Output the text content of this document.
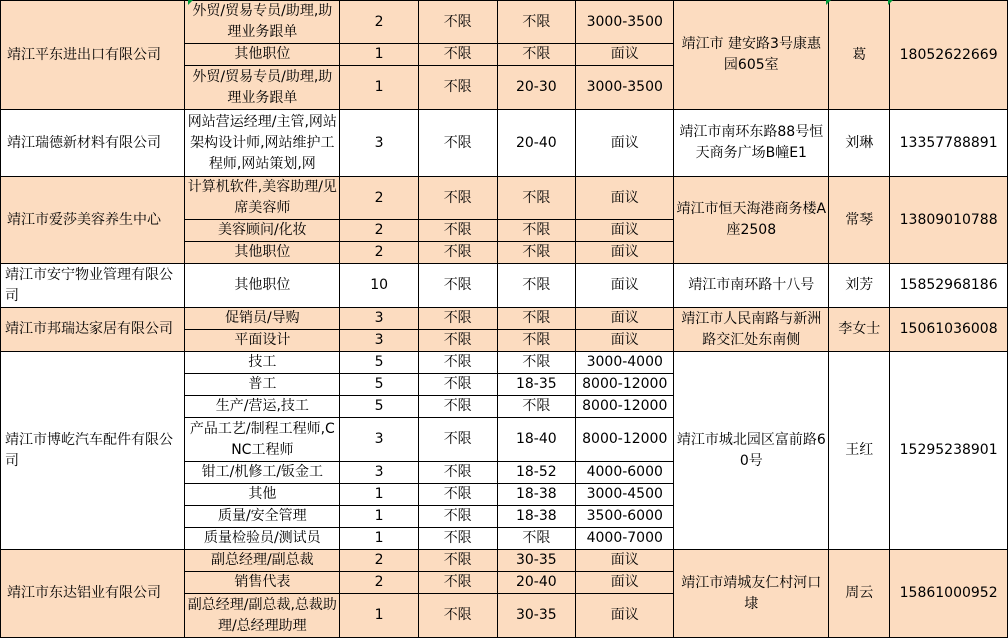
靖江平东进出口有限公司	外贸/贸易专员/助理,助理业务跟单	2	不限	不限	3000-3500	靖江市 建安路3号康惠园605室	葛	18052622669
	其他职位	1	不限	不限	面议			
	外贸/贸易专员/助理,助理业务跟单	1	不限	20-30	3000-3500			
靖江瑞德新材料有限公司	网站营运经理/主管,网站架构设计师,网站维护工程师,网站策划,网	3	不限	20-40	面议	靖江市南环东路88号恒天商务广场B幢E1	刘琳	13357788891
靖江市爱莎美容养生中心	计算机软件,美容助理/见席美容师	2	不限	不限	面议	靖江市恒天海港商务楼A座2508	常琴	13809010788
	美容顾问/化妆	2	不限	不限	面议			
	其他职位	2	不限	不限	面议			
靖江市安宁物业管理有限公司	其他职位	10	不限	不限	面议	靖江市南环路十八号	刘芳	15852968186
靖江市邦瑞达家居有限公司	促销员/导购	3	不限	不限	面议	靖江市人民南路与新洲路交汇处东南侧	李女士	15061036008
	平面设计	3	不限	不限	面议			
靖江市博屹汽车配件有限公司	技工	5	不限	不限	3000-4000	靖江市城北园区富前路60号	王红	15295238901
	普工	5	不限	18-35	8000-12000			
	生产/营运,技工	5	不限	不限	8000-12000			
	产品工艺/制程工程师,CNC工程师	3	不限	18-40	8000-12000			
	钳工/机修工/钣金工	3	不限	18-52	4000-6000			
	其他	1	不限	18-38	3000-4500			
	质量/安全管理	1	不限	18-38	3500-6000			
	质量检验员/测试员	1	不限	不限	4000-7000			
靖江市东达铝业有限公司	副总经理/副总裁	2	不限	30-35	面议	靖江市靖城友仁村河口埭	周云	15861000952
	销售代表	2	不限	20-40	面议			
	副总经理/副总裁,总裁助理/总经理助理	1	不限	30-35	面议			
